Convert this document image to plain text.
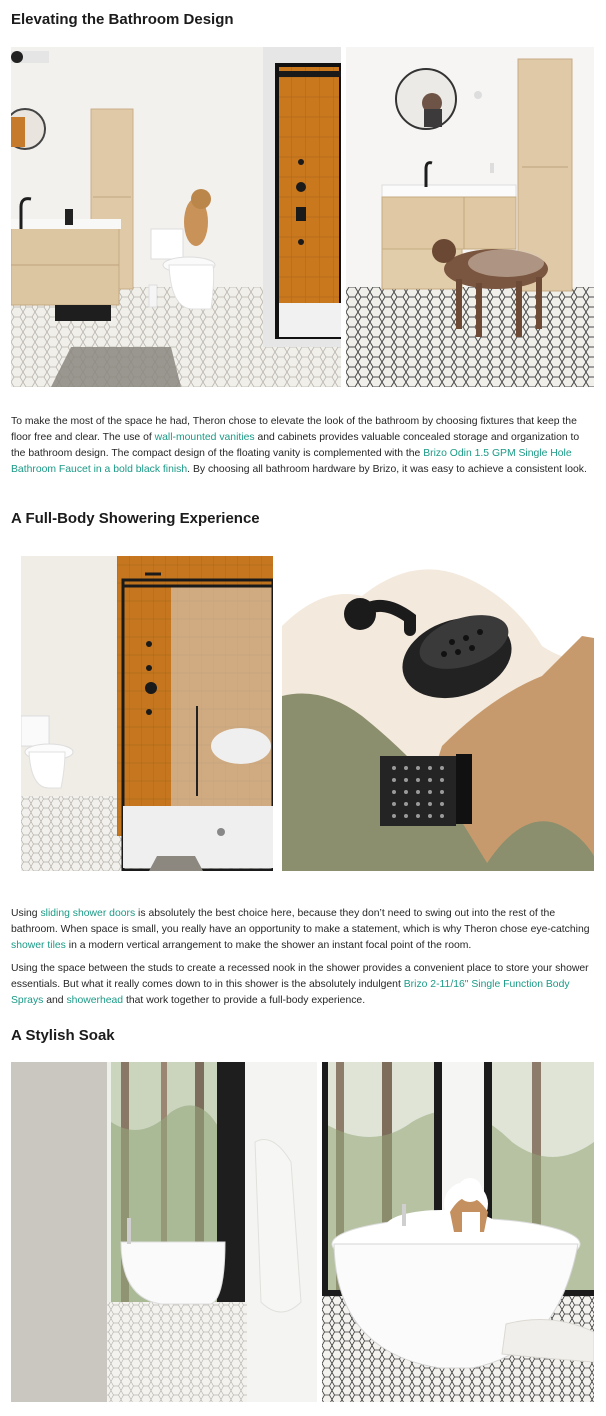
Elevating the Bathroom Design

To make the most of the space he had, Theron chose to elevate the look of the bathroom by choosing fixtures that keep the floor free and clear. The use of wall-mounted vanities and cabinets provides valuable concealed storage and organization to the bathroom design. The compact design of the floating vanity is complemented with the Brizo Odin 1.5 GPM Single Hole Bathroom Faucet in a bold black finish. By choosing all bathroom hardware by Brizo, it was easy to achieve a consistent look.

A Full-Body Showering Experience

Using sliding shower doors is absolutely the best choice here, because they don’t need to swing out into the rest of the bathroom. When space is small, you really have an opportunity to make a statement, which is why Theron chose eye-catching shower tiles in a modern vertical arrangement to make the shower an instant focal point of the room.

Using the space between the studs to create a recessed nook in the shower provides a convenient place to store your shower essentials. But what it really comes down to in this shower is the absolutely indulgent Brizo 2-11/16" Single Function Body Sprays and showerhead that work together to provide a full-body experience.

A Stylish Soak
